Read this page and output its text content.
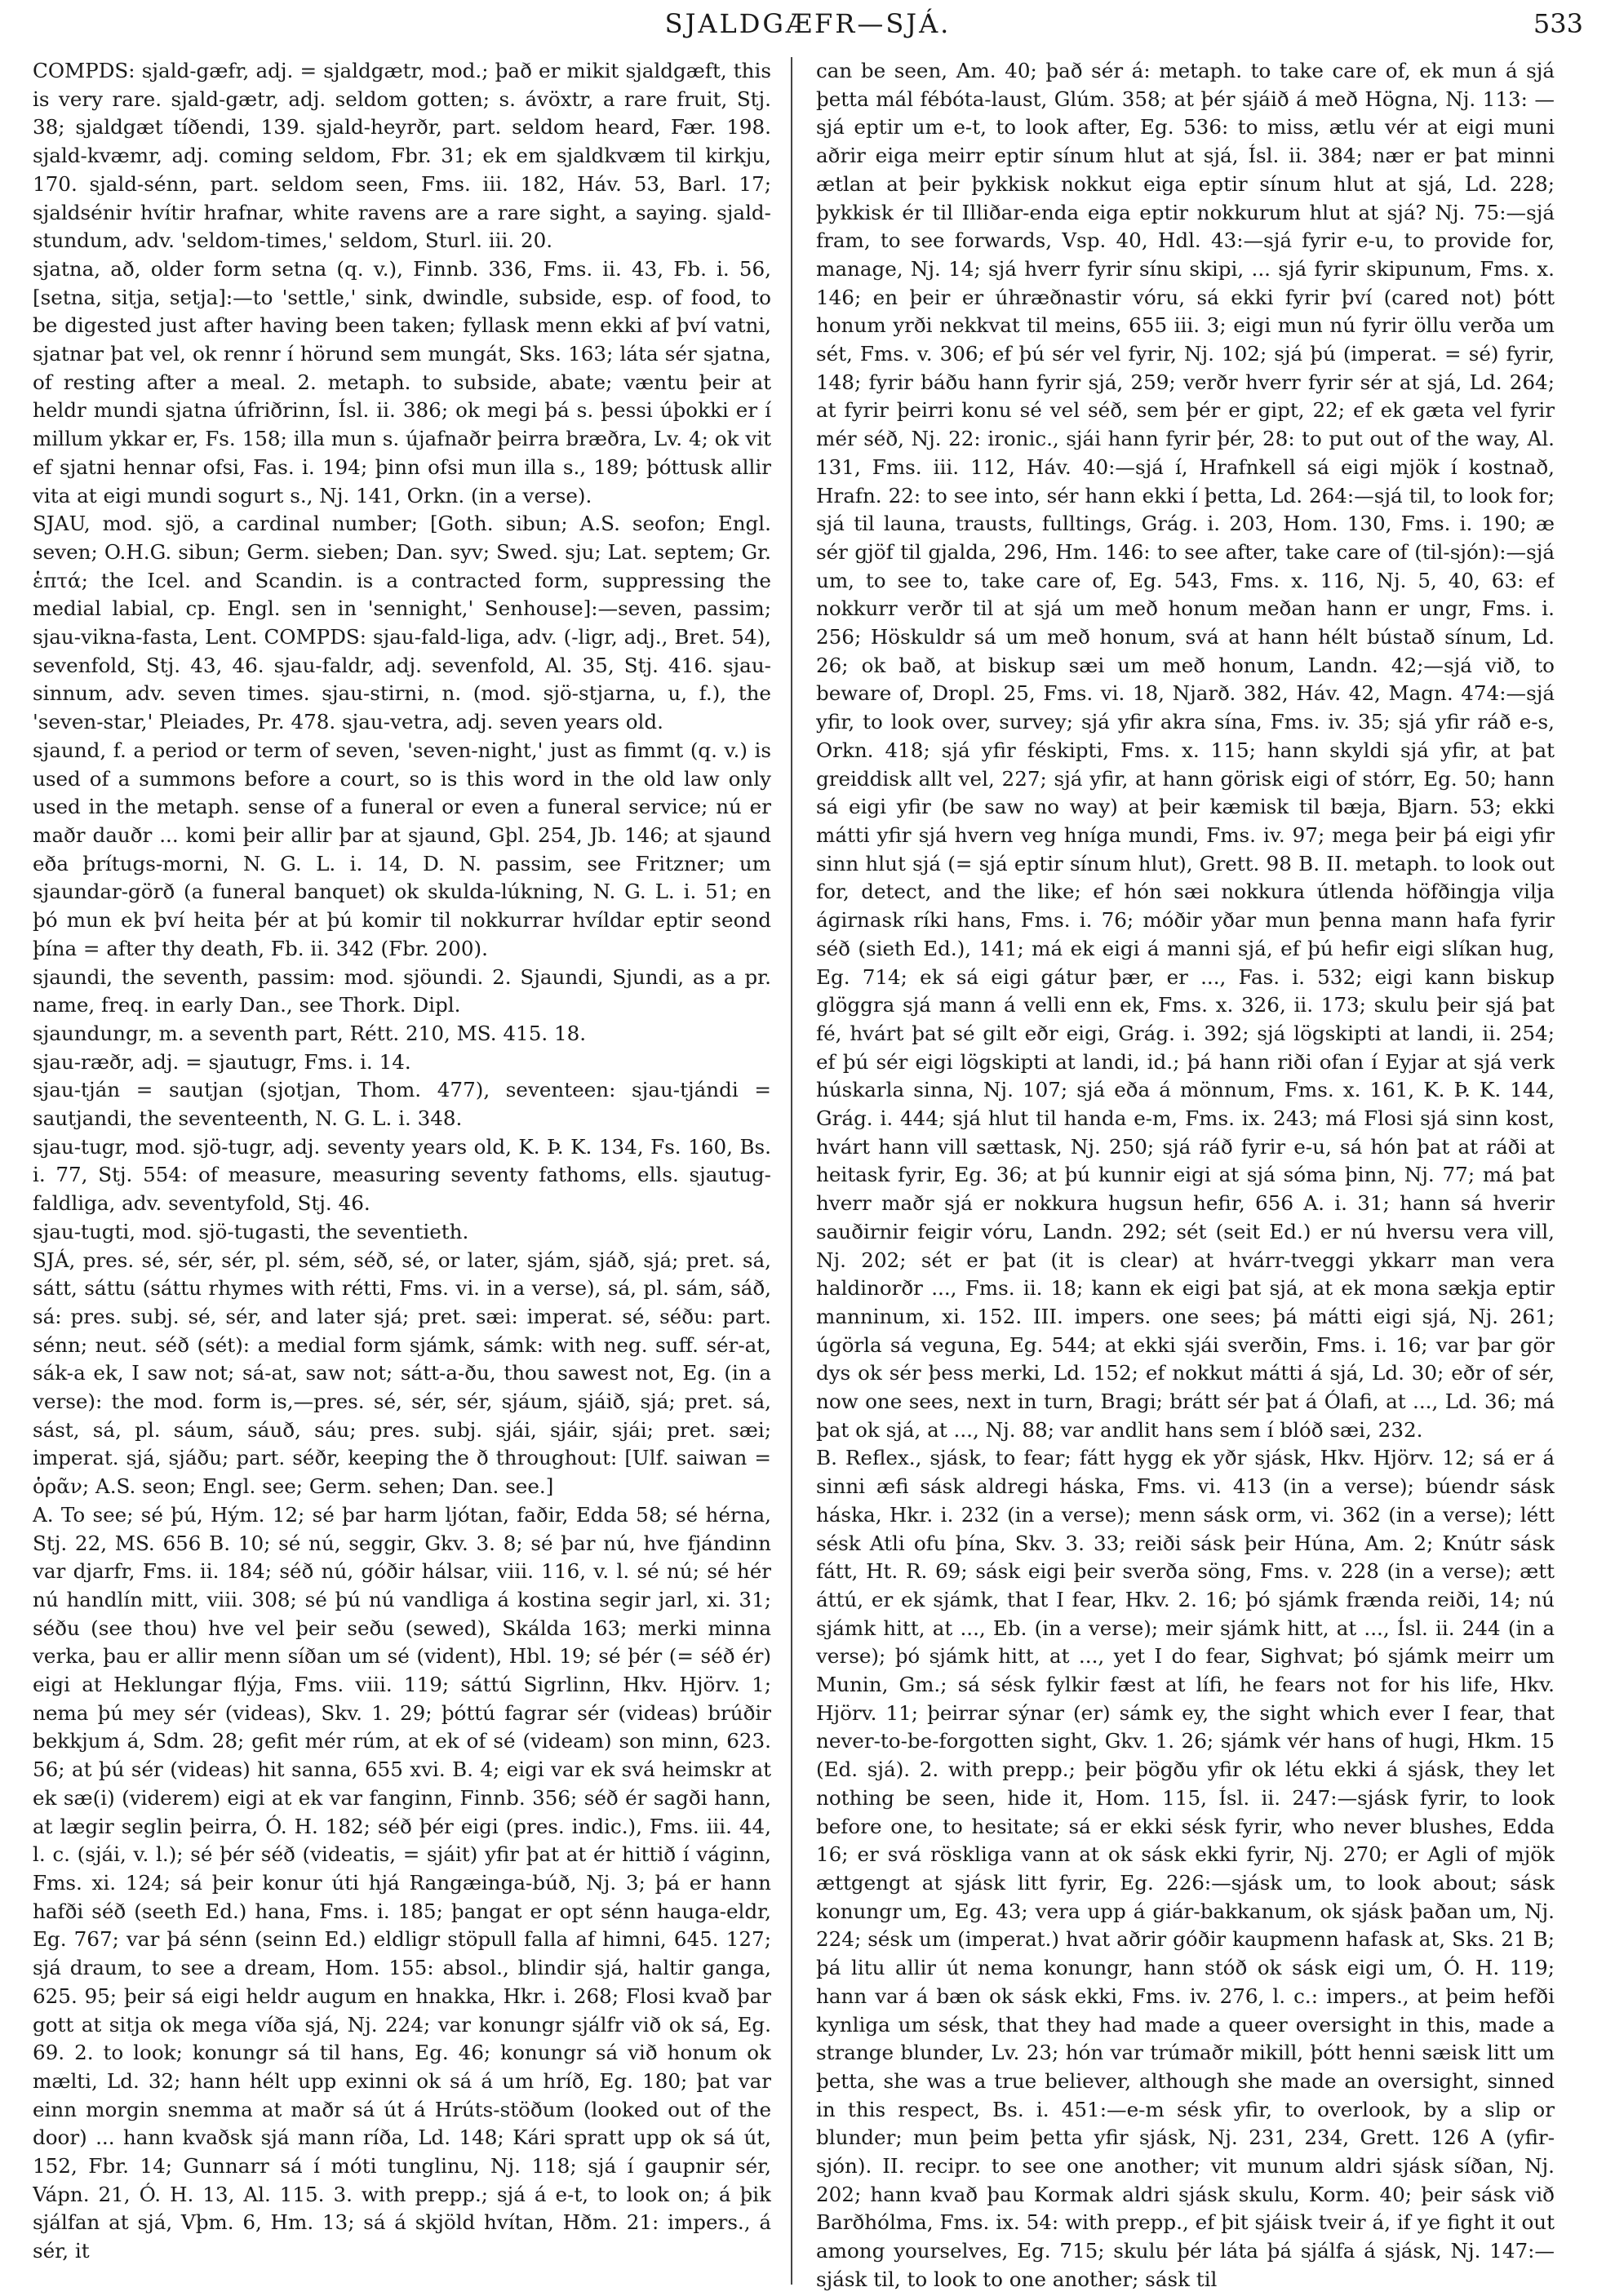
SJALDGÆFR—SJÁ.	533

COMPDS: sjald-gæfr, adj. = sjaldgætr, mod.; það er mikit sjaldgæft, this is very rare. sjald-gætr, adj. seldom gotten; s. ávöxtr, a rare fruit, Stj. 38; sjaldgæt tíðendi, 139. sjald-heyrðr, part. seldom heard, Fær. 198. sjald-kvæmr, adj. coming seldom, Fbr. 31; ek em sjaldkvæm til kirkju, 170. sjald-sénn, part. seldom seen, Fms. iii. 182, Háv. 53, Barl. 17; sjaldsénir hvítir hrafnar, white ravens are a rare sight, a saying. sjald-stundum, adv. 'seldom-times,' seldom, Sturl. iii. 20.

sjatna, að, older form setna (q. v.), Finnb. 336, Fms. ii. 43, Fb. i. 56, [setna, sitja, setja]:—to 'settle,' sink, dwindle, subside, esp. of food, to be digested just after having been taken; fyllask menn ekki af því vatni, sjatnar þat vel, ok rennr í hörund sem mungát, Sks. 163; láta sér sjatna, of resting after a meal. 2. metaph. to subside, abate; væntu þeir at heldr mundi sjatna úfriðrinn, Ísl. ii. 386; ok megi þá s. þessi úþokki er í millum ykkar er, Fs. 158; illa mun s. újafnaðr þeirra bræðra, Lv. 4; ok vit ef sjatni hennar ofsi, Fas. i. 194; þinn ofsi mun illa s., 189; þóttusk allir vita at eigi mundi sogurt s., Nj. 141, Orkn. (in a verse).

SJAU, mod. sjö, a cardinal number; [Goth. sibun; A.S. seofon; Engl. seven; O.H.G. sibun; Germ. sieben; Dan. syv; Swed. sju; Lat. septem; Gr. ἑπτά; the Icel. and Scandin. is a contracted form, suppressing the medial labial, cp. Engl. sen in 'sennight,' Senhouse]:—seven, passim; sjau-vikna-fasta, Lent. COMPDS: sjau-fald-liga, adv. (-ligr, adj., Bret. 54), sevenfold, Stj. 43, 46. sjau-faldr, adj. sevenfold, Al. 35, Stj. 416. sjau-sinnum, adv. seven times. sjau-stirni, n. (mod. sjö-stjarna, u, f.), the 'seven-star,' Pleiades, Pr. 478. sjau-vetra, adj. seven years old.

sjaund, f. a period or term of seven, 'seven-night,' just as fimmt (q. v.) is used of a summons before a court, so is this word in the old law only used in the metaph. sense of a funeral or even a funeral service; nú er maðr dauðr ... komi þeir allir þar at sjaund, Gþl. 254, Jb. 146; at sjaund eða þrítugs-morni, N. G. L. i. 14, D. N. passim, see Fritzner; um sjaundar-görð (a funeral banquet) ok skulda-lúkning, N. G. L. i. 51; en þó mun ek því heita þér at þú komir til nokkurrar hvíldar eptir seond þína = after thy death, Fb. ii. 342 (Fbr. 200).

sjaundi, the seventh, passim: mod. sjöundi. 2. Sjaundi, Sjundi, as a pr. name, freq. in early Dan., see Thork. Dipl.

sjaundungr, m. a seventh part, Rétt. 210, MS. 415. 18.

sjau-ræðr, adj. = sjautugr, Fms. i. 14.

sjau-tján = sautjan (sjotjan, Thom. 477), seventeen: sjau-tjándi = sautjandi, the seventeenth, N. G. L. i. 348.

sjau-tugr, mod. sjö-tugr, adj. seventy years old, K. Þ. K. 134, Fs. 160, Bs. i. 77, Stj. 554: of measure, measuring seventy fathoms, ells. sjautug-faldliga, adv. seventyfold, Stj. 46.

sjau-tugti, mod. sjö-tugasti, the seventieth.

SJÁ, pres. sé, sér, sér, pl. sém, séð, sé, or later, sjám, sjáð, sjá; pret. sá, sátt, sáttu (sáttu rhymes with rétti, Fms. vi. in a verse), sá, pl. sám, sáð, sá: pres. subj. sé, sér, and later sjá; pret. sæi: imperat. sé, séðu: part. sénn; neut. séð (sét): a medial form sjámk, sámk: with neg. suff. sér-at, sák-a ek, I saw not; sá-at, saw not; sátt-a-ðu, thou sawest not, Eg. (in a verse): the mod. form is,—pres. sé, sér, sér, sjáum, sjáið, sjá; pret. sá, sást, sá, pl. sáum, sáuð, sáu; pres. subj. sjái, sjáir, sjái; pret. sæi; imperat. sjá, sjáðu; part. séðr, keeping the ð throughout: [Ulf. saiwan = ὁρᾶν; A.S. seon; Engl. see; Germ. sehen; Dan. see.]

A. To see; sé þú, Hým. 12; sé þar harm ljótan, faðir, Edda 58; sé hérna, Stj. 22, MS. 656 B. 10; sé nú, seggir, Gkv. 3. 8; sé þar nú, hve fjándinn var djarfr, Fms. ii. 184; séð nú, góðir hálsar, viii. 116, v. l. sé nú; sé hér nú handlín mitt, viii. 308; sé þú nú vandliga á kostina segir jarl, xi. 31; séðu (see thou) hve vel þeir seðu (sewed), Skálda 163; merki minna verka, þau er allir menn síðan um sé (vident), Hbl. 19; sé þér (= séð ér) eigi at Heklungar flýja, Fms. viii. 119; sáttú Sigrlinn, Hkv. Hjörv. 1; nema þú mey sér (videas), Skv. 1. 29; þóttú fagrar sér (videas) brúðir bekkjum á, Sdm. 28; gefit mér rúm, at ek of sé (videam) son minn, 623. 56; at þú sér (videas) hit sanna, 655 xvi. B. 4; eigi var ek svá heimskr at ek sæ(i) (viderem) eigi at ek var fanginn, Finnb. 356; séð ér sagði hann, at lægir seglin þeirra, Ó. H. 182; séð þér eigi (pres. indic.), Fms. iii. 44, l. c. (sjái, v. l.); sé þér séð (videatis, = sjáit) yfir þat at ér hittið í váginn, Fms. xi. 124; sá þeir konur úti hjá Rangæinga-búð, Nj. 3; þá er hann hafði séð (seeth Ed.) hana, Fms. i. 185; þangat er opt sénn hauga-eldr, Eg. 767; var þá sénn (seinn Ed.) eldligr stöpull falla af himni, 645. 127; sjá draum, to see a dream, Hom. 155: absol., blindir sjá, haltir ganga, 625. 95; þeir sá eigi heldr augum en hnakka, Hkr. i. 268; Flosi kvað þar gott at sitja ok mega víða sjá, Nj. 224; var konungr sjálfr við ok sá, Eg. 69. 2. to look; konungr sá til hans, Eg. 46; konungr sá við honum ok mælti, Ld. 32; hann hélt upp exinni ok sá á um hríð, Eg. 180; þat var einn morgin snemma at maðr sá út á Hrúts-stöðum (looked out of the door) ... hann kvaðsk sjá mann ríða, Ld. 148; Kári spratt upp ok sá út, 152, Fbr. 14; Gunnarr sá í móti tunglinu, Nj. 118; sjá í gaupnir sér, Vápn. 21, Ó. H. 13, Al. 115. 3. with prepp.; sjá á e-t, to look on; á þik sjálfan at sjá, Vþm. 6, Hm. 13; sá á skjöld hvítan, Hðm. 21: impers., á sér, it

can be seen, Am. 40; það sér á: metaph. to take care of, ek mun á sjá þetta mál fébóta-laust, Glúm. 358; at þér sjáið á með Högna, Nj. 113: —sjá eptir um e-t, to look after, Eg. 536: to miss, ætlu vér at eigi muni aðrir eiga meirr eptir sínum hlut at sjá, Ísl. ii. 384; nær er þat minni ætlan at þeir þykkisk nokkut eiga eptir sínum hlut at sjá, Ld. 228; þykkisk ér til Illiðar-enda eiga eptir nokkurum hlut at sjá? Nj. 75:—sjá fram, to see forwards, Vsp. 40, Hdl. 43:—sjá fyrir e-u, to provide for, manage, Nj. 14; sjá hverr fyrir sínu skipi, ... sjá fyrir skipunum, Fms. x. 146; en þeir er úhræðnastir vóru, sá ekki fyrir því (cared not) þótt honum yrði nekkvat til meins, 655 iii. 3; eigi mun nú fyrir öllu verða um sét, Fms. v. 306; ef þú sér vel fyrir, Nj. 102; sjá þú (imperat. = sé) fyrir, 148; fyrir báðu hann fyrir sjá, 259; verðr hverr fyrir sér at sjá, Ld. 264; at fyrir þeirri konu sé vel séð, sem þér er gipt, 22; ef ek gæta vel fyrir mér séð, Nj. 22: ironic., sjái hann fyrir þér, 28: to put out of the way, Al. 131, Fms. iii. 112, Háv. 40:—sjá í, Hrafnkell sá eigi mjök í kostnað, Hrafn. 22: to see into, sér hann ekki í þetta, Ld. 264:—sjá til, to look for; sjá til launa, trausts, fulltings, Grág. i. 203, Hom. 130, Fms. i. 190; æ sér gjöf til gjalda, 296, Hm. 146: to see after, take care of (til-sjón):—sjá um, to see to, take care of, Eg. 543, Fms. x. 116, Nj. 5, 40, 63: ef nokkurr verðr til at sjá um með honum meðan hann er ungr, Fms. i. 256; Höskuldr sá um með honum, svá at hann hélt bústað sínum, Ld. 26; ok bað, at biskup sæi um með honum, Landn. 42;—sjá við, to beware of, Dropl. 25, Fms. vi. 18, Njarð. 382, Háv. 42, Magn. 474:—sjá yfir, to look over, survey; sjá yfir akra sína, Fms. iv. 35; sjá yfir ráð e-s, Orkn. 418; sjá yfir féskipti, Fms. x. 115; hann skyldi sjá yfir, at þat greiddisk allt vel, 227; sjá yfir, at hann görisk eigi of stórr, Eg. 50; hann sá eigi yfir (be saw no way) at þeir kæmisk til bæja, Bjarn. 53; ekki mátti yfir sjá hvern veg hníga mundi, Fms. iv. 97; mega þeir þá eigi yfir sinn hlut sjá (= sjá eptir sínum hlut), Grett. 98 B. II. metaph. to look out for, detect, and the like; ef hón sæi nokkura útlenda höfðingja vilja ágirnask ríki hans, Fms. i. 76; móðir yðar mun þenna mann hafa fyrir séð (sieth Ed.), 141; má ek eigi á manni sjá, ef þú hefir eigi slíkan hug, Eg. 714; ek sá eigi gátur þær, er ..., Fas. i. 532; eigi kann biskup glöggra sjá mann á velli enn ek, Fms. x. 326, ii. 173; skulu þeir sjá þat fé, hvárt þat sé gilt eðr eigi, Grág. i. 392; sjá lögskipti at landi, ii. 254; ef þú sér eigi lögskipti at landi, id.; þá hann riði ofan í Eyjar at sjá verk húskarla sinna, Nj. 107; sjá eða á mönnum, Fms. x. 161, K. Þ. K. 144, Grág. i. 444; sjá hlut til handa e-m, Fms. ix. 243; má Flosi sjá sinn kost, hvárt hann vill sættask, Nj. 250; sjá ráð fyrir e-u, sá hón þat at ráði at heitask fyrir, Eg. 36; at þú kunnir eigi at sjá sóma þinn, Nj. 77; má þat hverr maðr sjá er nokkura hugsun hefir, 656 A. i. 31; hann sá hverir sauðirnir feigir vóru, Landn. 292; sét (seit Ed.) er nú hversu vera vill, Nj. 202; sét er þat (it is clear) at hvárr-tveggi ykkarr man vera haldinorðr ..., Fms. ii. 18; kann ek eigi þat sjá, at ek mona sækja eptir manninum, xi. 152. III. impers. one sees; þá mátti eigi sjá, Nj. 261; úgörla sá veguna, Eg. 544; at ekki sjái sverðin, Fms. i. 16; var þar gör dys ok sér þess merki, Ld. 152; ef nokkut mátti á sjá, Ld. 30; eðr of sér, now one sees, next in turn, Bragi; brátt sér þat á Ólafi, at ..., Ld. 36; má þat ok sjá, at ..., Nj. 88; var andlit hans sem í blóð sæi, 232.

B. Reflex., sjásk, to fear; fátt hygg ek yðr sjásk, Hkv. Hjörv. 12; sá er á sinni æfi sásk aldregi háska, Fms. vi. 413 (in a verse); búendr sásk háska, Hkr. i. 232 (in a verse); menn sásk orm, vi. 362 (in a verse); létt sésk Atli ofu þína, Skv. 3. 33; reiði sásk þeir Húna, Am. 2; Knútr sásk fátt, Ht. R. 69; sásk eigi þeir sverða söng, Fms. v. 228 (in a verse); ætt áttú, er ek sjámk, that I fear, Hkv. 2. 16; þó sjámk frænda reiði, 14; nú sjámk hitt, at ..., Eb. (in a verse); meir sjámk hitt, at ..., Ísl. ii. 244 (in a verse); þó sjámk hitt, at ..., yet I do fear, Sighvat; þó sjámk meirr um Munin, Gm.; sá sésk fylkir fæst at lífi, he fears not for his life, Hkv. Hjörv. 11; þeirrar sýnar (er) sámk ey, the sight which ever I fear, that never-to-be-forgotten sight, Gkv. 1. 26; sjámk vér hans of hugi, Hkm. 15 (Ed. sjá). 2. with prepp.; þeir þögðu yfir ok létu ekki á sjásk, they let nothing be seen, hide it, Hom. 115, Ísl. ii. 247:—sjásk fyrir, to look before one, to hesitate; sá er ekki sésk fyrir, who never blushes, Edda 16; er svá röskliga vann at ok sásk ekki fyrir, Nj. 270; er Agli of mjök ættgengt at sjásk litt fyrir, Eg. 226:—sjásk um, to look about; sásk konungr um, Eg. 43; vera upp á giár-bakkanum, ok sjásk þaðan um, Nj. 224; sésk um (imperat.) hvat aðrir góðir kaupmenn hafask at, Sks. 21 B; þá litu allir út nema konungr, hann stóð ok sásk eigi um, Ó. H. 119; hann var á bæn ok sásk ekki, Fms. iv. 276, l. c.: impers., at þeim hefði kynliga um sésk, that they had made a queer oversight in this, made a strange blunder, Lv. 23; hón var trúmaðr mikill, þótt henni sæisk litt um þetta, she was a true believer, although she made an oversight, sinned in this respect, Bs. i. 451:—e-m sésk yfir, to overlook, by a slip or blunder; mun þeim þetta yfir sjásk, Nj. 231, 234, Grett. 126 A (yfir-sjón). II. recipr. to see one another; vit munum aldri sjásk síðan, Nj. 202; hann kvað þau Kormak aldri sjásk skulu, Korm. 40; þeir sásk við Barðhólma, Fms. ix. 54: with prepp., ef þit sjáisk tveir á, if ye fight it out among yourselves, Eg. 715; skulu þér láta þá sjálfa á sjásk, Nj. 147:—sjásk til, to look to one another; sásk til
